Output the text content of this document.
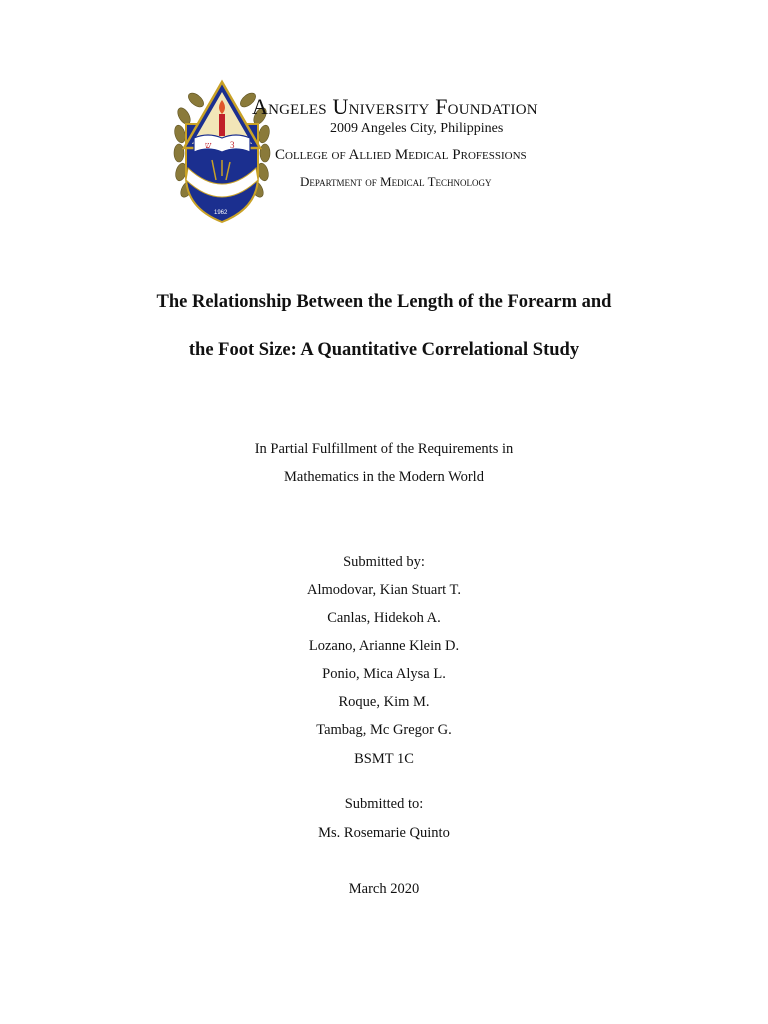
ש 3
1962
Angeles University Foundation
2009 Angeles City, Philippines
College of Allied Medical Professions
Department of Medical Technology
The Relationship Between the Length of the Forearm and
the Foot Size: A Quantitative Correlational Study
In Partial Fulfillment of the Requirements in
Mathematics in the Modern World
Submitted by:
Almodovar, Kian Stuart T.
Canlas, Hidekoh A.
Lozano, Arianne Klein D.
Ponio, Mica Alysa L.
Roque, Kim M.
Tambag, Mc Gregor G.
BSMT 1C
Submitted to:
Ms. Rosemarie Quinto
March 2020
